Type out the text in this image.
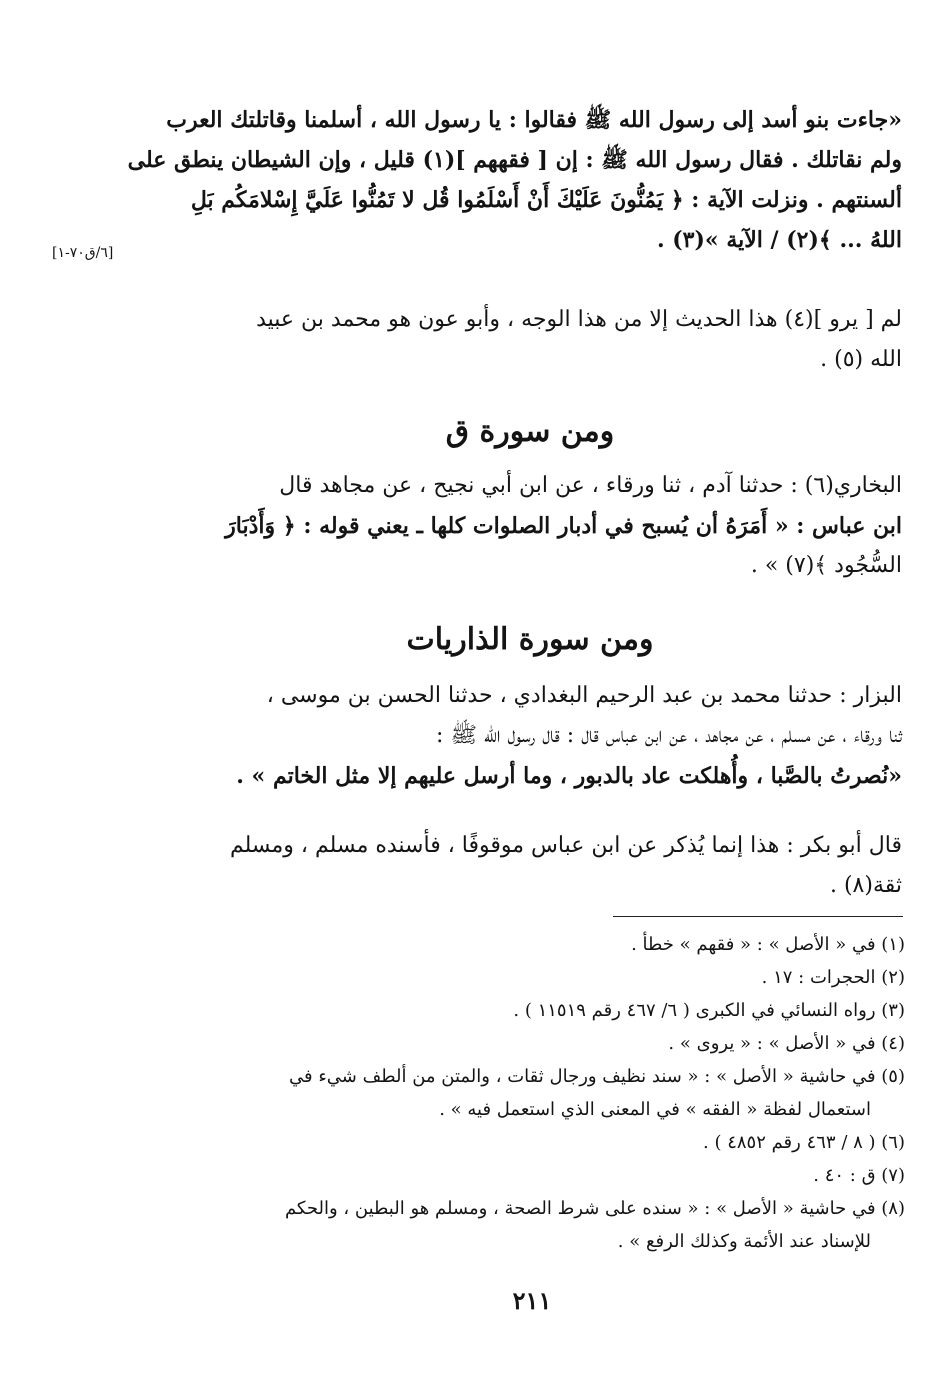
[٦/ق٧٠-١]
«جاءت بنو أسد إلى رسول الله ﷺ فقالوا : يا رسول الله ، أسلمنا وقاتلتك العرب
ولم نقاتلك . فقال رسول الله ﷺ : إن [ فقههم ](١) قليل ، وإن الشيطان ينطق على
ألسنتهم . ونزلت الآية : ﴿ يَمُنُّونَ عَلَيْكَ أَنْ أَسْلَمُوا قُل لا تَمُنُّوا عَلَيَّ إِسْلامَكُم بَلِ
اللهُ ... ﴾(٢) / الآية »(٣) .
لم [ يرو ](٤) هذا الحديث إلا من هذا الوجه ، وأبو عون هو محمد بن عبيد
الله (٥) .
ومن سورة ق
البخاري(٦) : حدثنا آدم ، ثنا ورقاء ، عن ابن أبي نجيح ، عن مجاهد قال
ابن عباس : « أَمَرَهُ أن يُسبح في أدبار الصلوات كلها ـ يعني قوله : ﴿ وَأَدْبَارَ
السُّجُود ﴾(٧) » .
ومن سورة الذاريات
البزار : حدثنا محمد بن عبد الرحيم البغدادي ، حدثنا الحسن بن موسى ،
ثنا ورقاء ، عن مسلم ، عن مجاهد ، عن ابن عباس قال : قال رسول الله ﷺ :
«نُصرتُ بالصَّبا ، وأُهلكت عاد بالدبور ، وما أرسل عليهم إلا مثل الخاتم » .
قال أبو بكر : هذا إنما يُذكر عن ابن عباس موقوفًا ، فأسنده مسلم ، ومسلم
ثقة(٨) .
(١) في « الأصل » : « فقهم » خطأ .
(٢) الحجرات : ١٧ .
(٣) رواه النسائي في الكبرى ( ٦/ ٤٦٧ رقم ١١٥١٩ ) .
(٤) في « الأصل » : « يروى » .
(٥) في حاشية « الأصل » : « سند نظيف ورجال ثقات ، والمتن من ألطف شيء في
استعمال لفظة « الفقه » في المعنى الذي استعمل فيه » .
(٦) ( ٨ / ٤٦٣ رقم ٤٨٥٢ ) .
(٧) ق : ٤٠ .
(٨) في حاشية « الأصل » : « سنده على شرط الصحة ، ومسلم هو البطين ، والحكم
للإسناد عند الأئمة وكذلك الرفع » .
٢١١
